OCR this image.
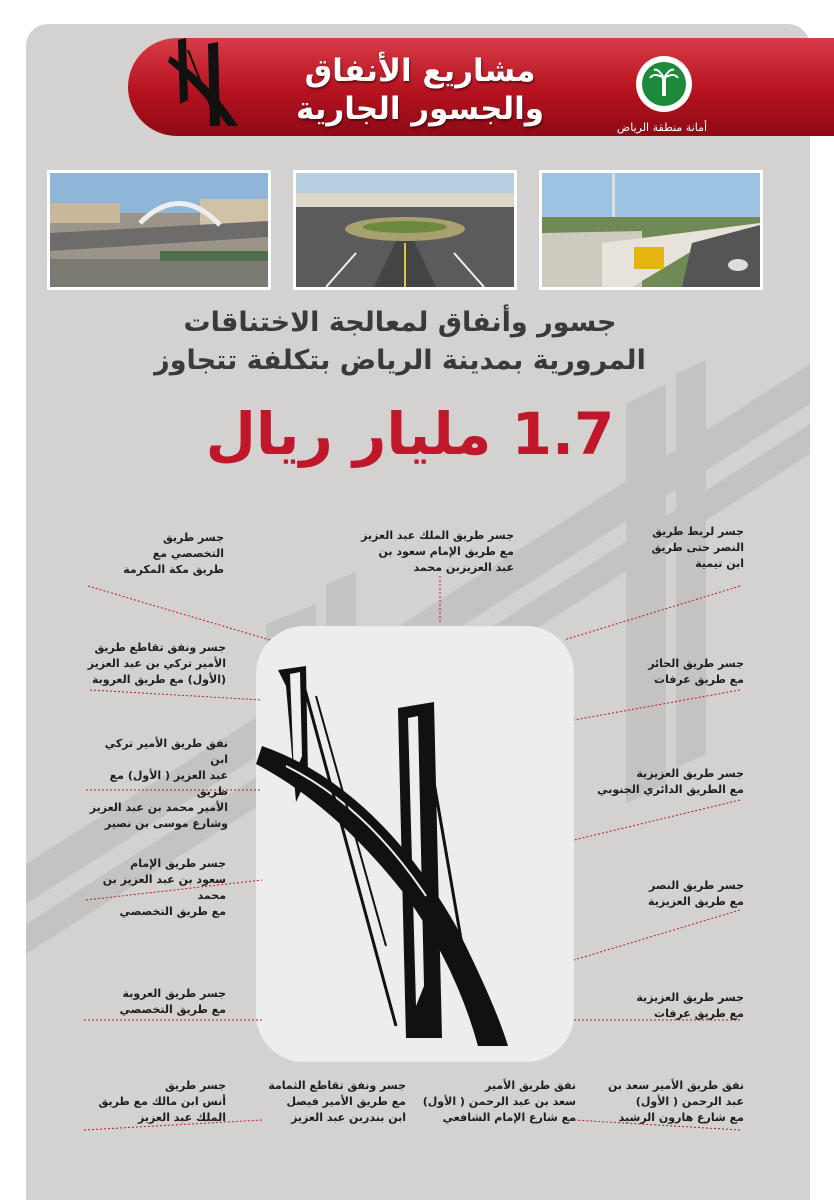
مشاريع الأنفاق
والجسور الجارية
أمانة منطقة الرياض
جسور وأنفاق لمعالجة الاختناقات
المرورية بمدينة الرياض بتكلفة تتجاوز
1.7 مليار ريال
جسر طريق الملك عبد العزيز
مع طريق الإمام سعود بن
عبد العزيزبن محمد
جسر طريق
التخصصي مع
طريق مكة المكرمة
جسر ونفق تقاطع طريق
الأمير تركي بن عبد العزيز
(الأول) مع طريق العروبة
نفق طريق الأمير تركي ابن
عبد العزيز ( الأول) مع طريق
الأمير محمد بن عبد العزيز
وشارع موسى بن نصير
جسر طريق الإمام
سعود بن عبد العزيز بن محمد
مع طريق التخصصي
جسر طريق العروبة
مع طريق التخصصي
جسر طريق
أنس ابن مالك مع طريق
الملك عبد العزيز
جسر لربط طريق
النصر حتى طريق
ابن تيمية
جسر طريق الحائر
مع طريق عرفات
جسر طريق العزيزية
مع الطريق الدائري الجنوبي
جسر طريق النصر
مع طريق العزيزية
جسر طريق العزيزية
مع طريق عرفات
نفق طريق الأمير سعد بن
عبد الرحمن ( الأول)
مع شارع هارون الرشيد
جسر ونفق تقاطع الثمامة
مع طريق الأمير فيصل
ابن بندربن عبد العزيز
نفق طريق الأمير
سعد بن عبد الرحمن ( الأول)
مع شارع الإمام الشافعي
